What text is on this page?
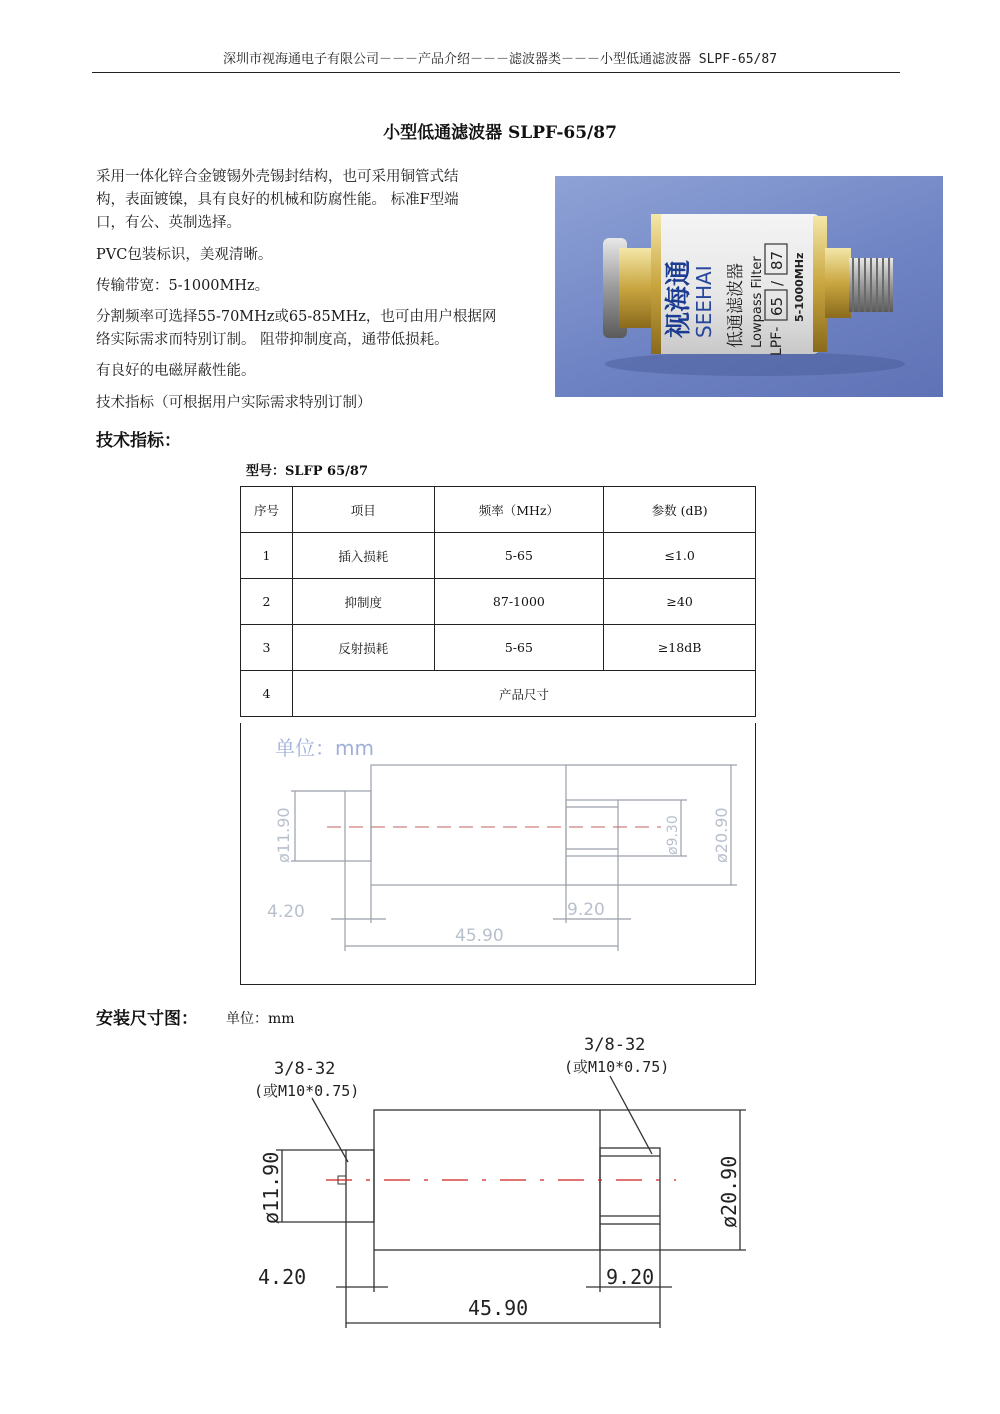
深圳市视海通电子有限公司－－－产品介绍－－－滤波器类－－－小型低通滤波器 SLPF-65/87
小型低通滤波器 SLPF-65/87
采用一体化锌合金镀锡外壳锡封结构，也可采用铜管式结
构，表面镀镍，具有良好的机械和防腐性能。 标准F型端
口，有公、英制选择。
PVC包装标识，美观清晰。
传输带宽：5-1000MHz。
分割频率可选择55-70MHz或65-85MHz，也可由用户根据网
络实际需求而特别订制。 阻带抑制度高，通带低损耗。
有良好的电磁屏蔽性能。
技术指标（可根据用户实际需求特别订制）
视海通
SEEHAI 低通滤波器 Lowpass Filter LPF-
65
/
87 5-1000MHz
技术指标：
型号：SLFP 65/87
序号	项目	频率（MHz）	参数 (dB)
1	插入损耗	5-65	≤1.0
2	抑制度	87-1000	≥40
3	反射损耗	5-65	≥18dB
4	产品尺寸		
单位：mm
ø11.90	ø20.90
ø9.30
4.20	9.20
45.90
安装尺寸图： 单位：mm
3/8-32
(或M10*0.75)
3/8-32
(或M10*0.75)
ø11.90	ø20.90
4.20	9.20
45.90
